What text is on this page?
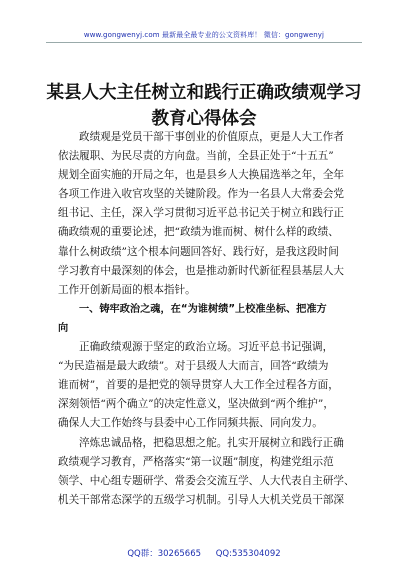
www.gongwenyj.com 最新最全最专业的公文资料库！ 微信：gongwenyj
某县人大主任树立和践行正确政绩观学习
教育心得体会
政绩观是党员干部干事创业的价值原点，更是人大工作者
依法履职、为民尽责的方向盘。当前，全县正处于“十五五”
规划全面实施的开局之年，也是县乡人大换届选举之年，全年
各项工作进入收官攻坚的关键阶段。作为一名县人大常委会党
组书记、主任，深入学习贯彻习近平总书记关于树立和践行正
确政绩观的重要论述，把“政绩为谁而树、树什么样的政绩、
靠什么树政绩”这个根本问题回答好、践行好，是我这段时间
学习教育中最深刻的体会，也是推动新时代新征程县基层人大
工作开创新局面的根本指针。
一、铸牢政治之魂，在“为谁树绩”上校准坐标、把准方
向
正确政绩观源于坚定的政治立场。习近平总书记强调，
“为民造福是最大政绩”。对于县级人大而言，回答“政绩为
谁而树”，首要的是把党的领导贯穿人大工作全过程各方面，
深刻领悟“两个确立”的决定性意义，坚决做到“两个维护”，
确保人大工作始终与县委中心工作同频共振、同向发力。
淬炼忠诚品格，把稳思想之舵。扎实开展树立和践行正确
政绩观学习教育，严格落实“第一议题”制度，构建党组示范
领学、中心组专题研学、常委会交流互学、人大代表自主研学、
机关干部常态深学的五级学习机制。引导人大机关党员干部深
QQ群：30265665 QQ:535304092
